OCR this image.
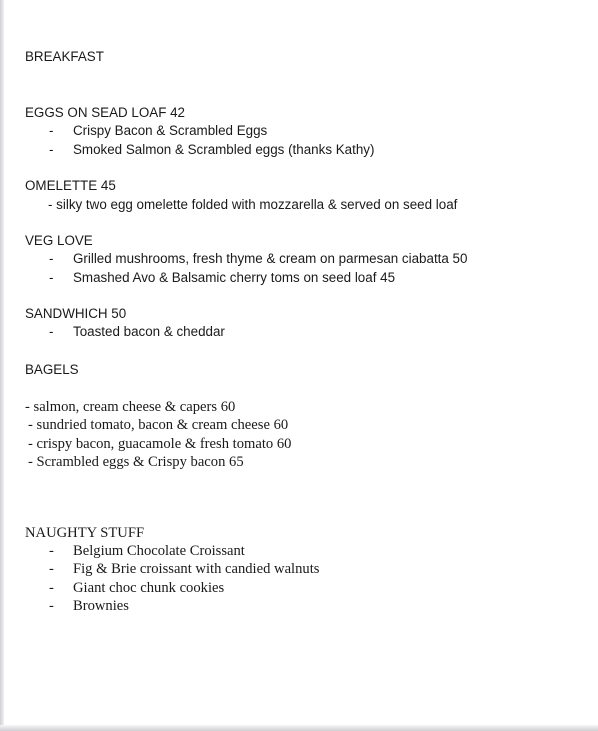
BREAKFAST

EGGS ON SEAD LOAF 42

-	Crispy Bacon & Scrambled Eggs
-	Smoked Salmon & Scrambled eggs (thanks Kathy)

OMELETTE 45

- silky two egg omelette folded with mozzarella & served on seed loaf

VEG LOVE

-	Grilled mushrooms, fresh thyme & cream on parmesan ciabatta 50
-	Smashed Avo & Balsamic cherry toms on seed loaf 45

SANDWHICH 50

-	Toasted bacon & cheddar

BAGELS

- salmon, cream cheese & capers 60
- sundried tomato, bacon & cream cheese 60
- crispy bacon, guacamole & fresh tomato 60
- Scrambled eggs & Crispy bacon 65

NAUGHTY STUFF

-	Belgium Chocolate Croissant
-	Fig & Brie croissant with candied walnuts
-	Giant choc chunk cookies
-	Brownies
